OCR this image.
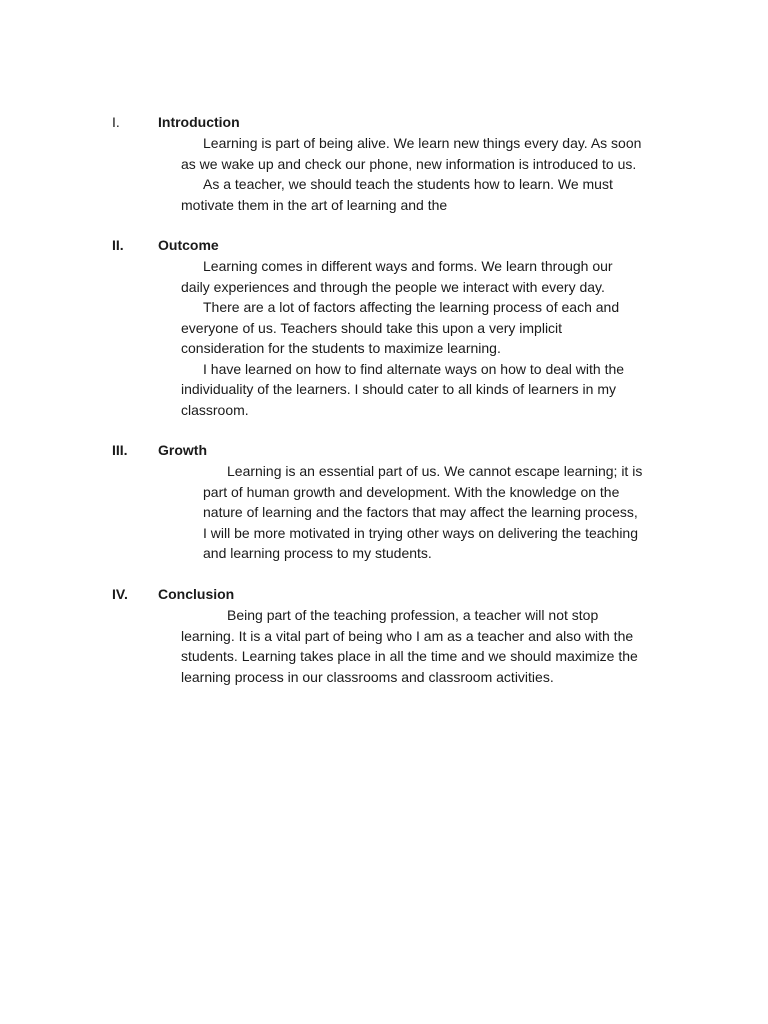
I.	Introduction
Learning is part of being alive. We learn new things every day. As soon
as we wake up and check our phone, new information is introduced to us.
As a teacher, we should teach the students how to learn. We must
motivate them in the art of learning and the
II. Outcome
Learning comes in different ways and forms. We learn through our
daily experiences and through the people we interact with every day.
There are a lot of factors affecting the learning process of each and
everyone of us. Teachers should take this upon a very implicit
consideration for the students to maximize learning.
I have learned on how to find alternate ways on how to deal with the
individuality of the learners. I should cater to all kinds of learners in my
classroom.
III. Growth
Learning is an essential part of us. We cannot escape learning; it is
part of human growth and development. With the knowledge on the
nature of learning and the factors that may affect the learning process,
I will be more motivated in trying other ways on delivering the teaching
and learning process to my students.
IV. Conclusion
Being part of the teaching profession, a teacher will not stop
learning. It is a vital part of being who I am as a teacher and also with the
students. Learning takes place in all the time and we should maximize the
learning process in our classrooms and classroom activities.
